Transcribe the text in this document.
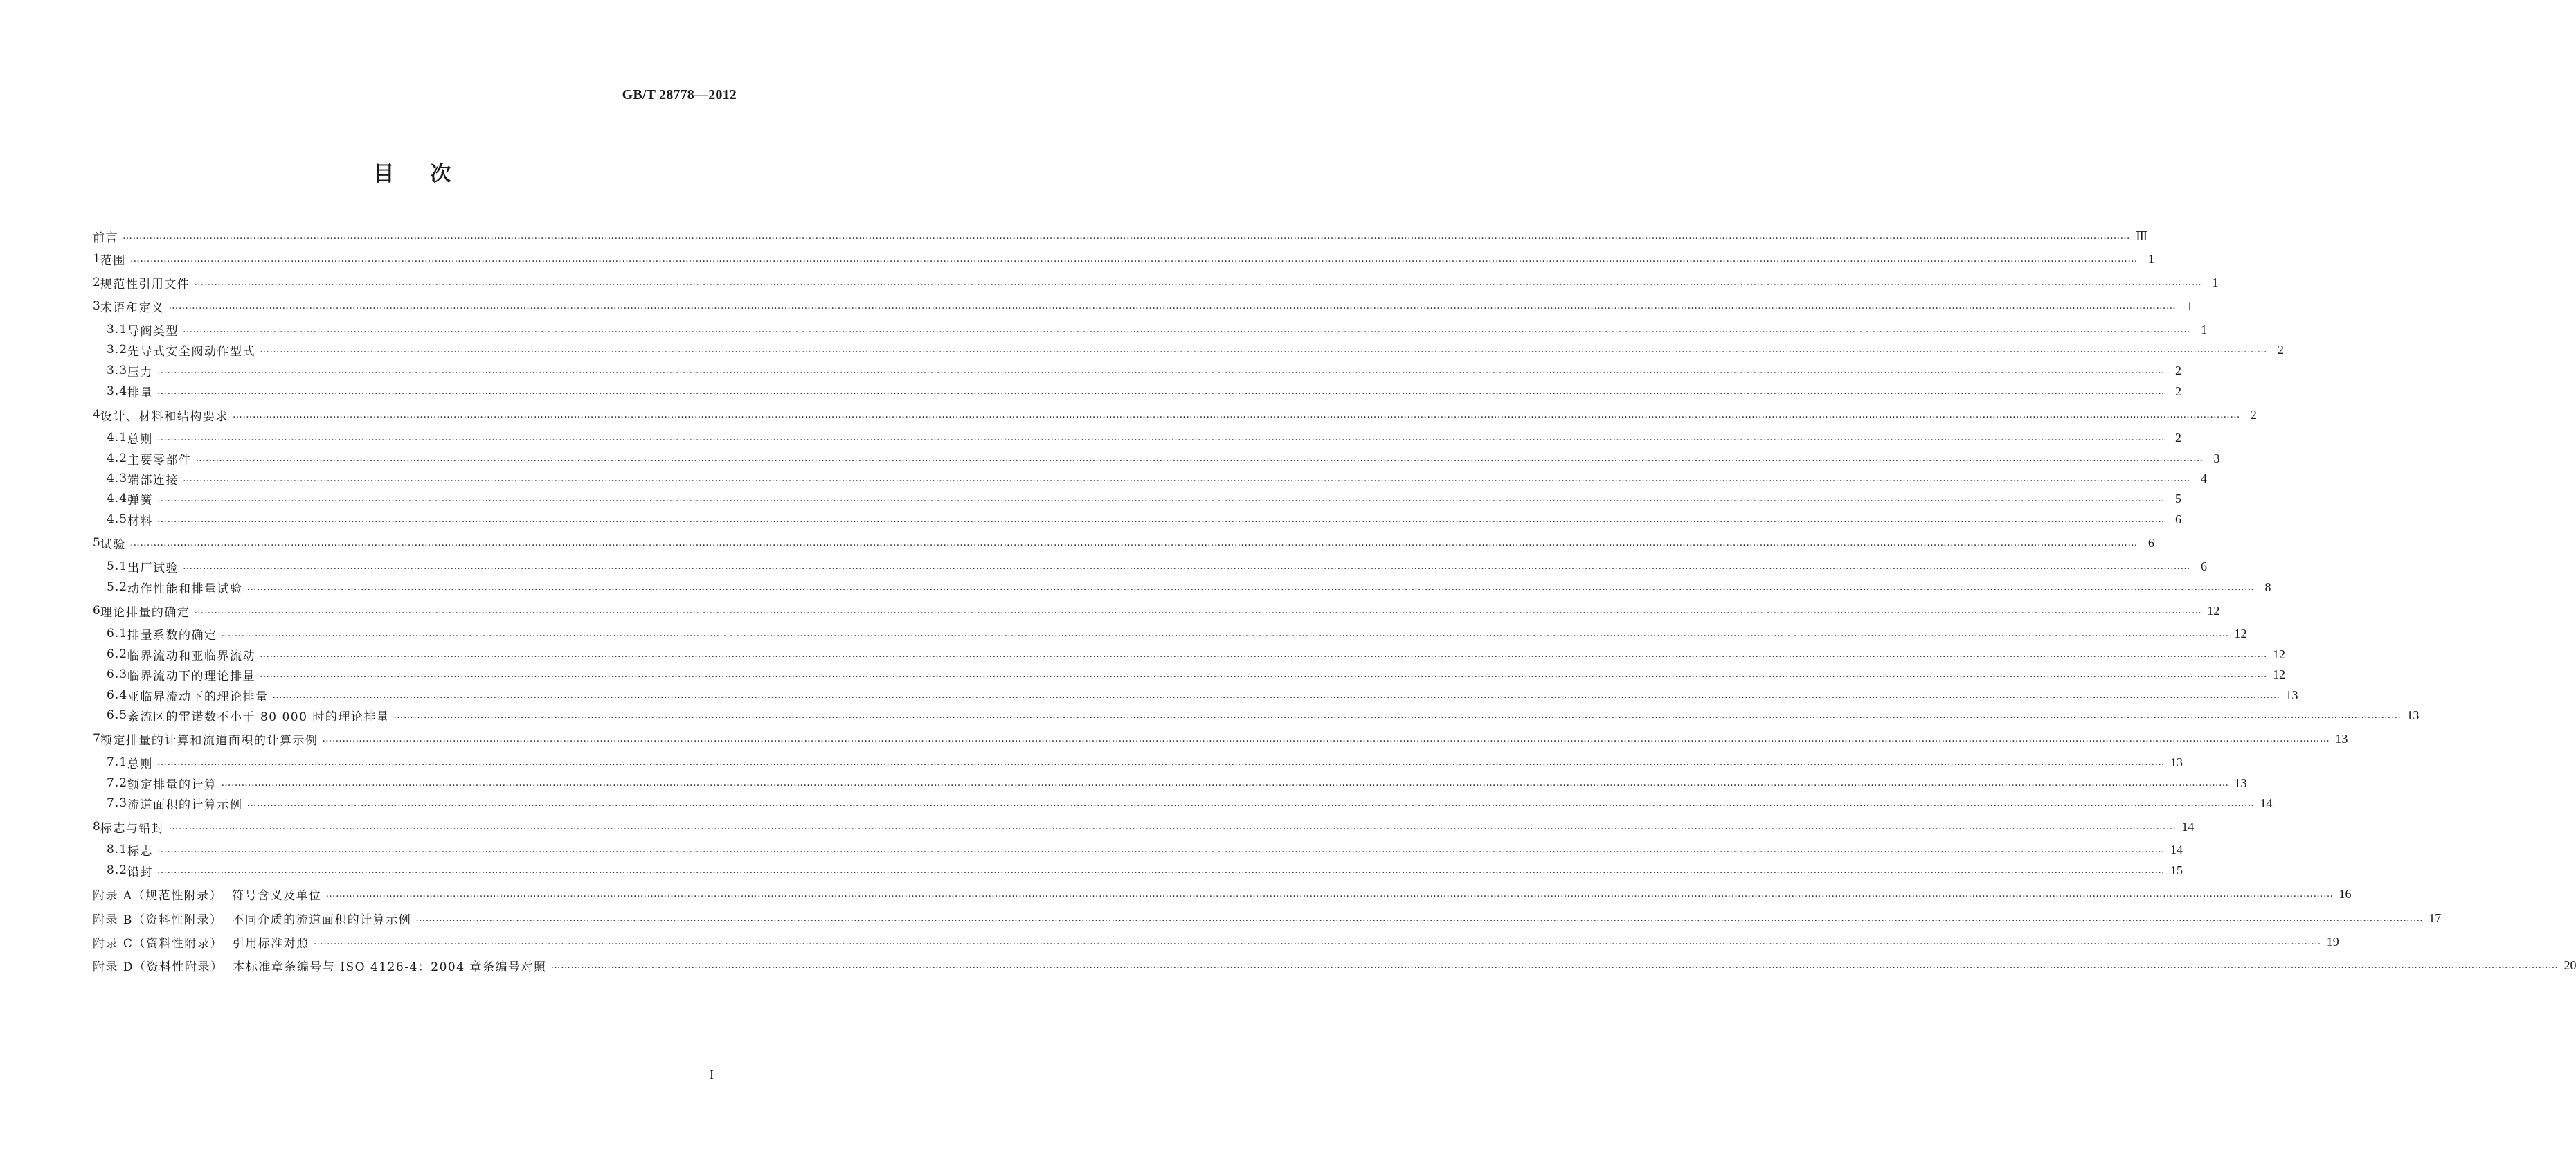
GB/T 28778—2012
目次
前言 …………………………………………………………………………………………………………………………………………………………………………………………………………………………………………………………………………………………………………………………………………………………………………………………………………………………………………………………………………………………………………………………………………………… Ⅲ
1 范围 …………………………………………………………………………………………………………………………………………………………………………………………………………………………………………………………………………………………………………………………………………………………………………………………………………………………………………………………………………………………………………………………………………………… 1
2 规范性引用文件 …………………………………………………………………………………………………………………………………………………………………………………………………………………………………………………………………………………………………………………………………………………………………………………………………………………………………………………………………………………………………………………………………………………… 1
3 术语和定义 …………………………………………………………………………………………………………………………………………………………………………………………………………………………………………………………………………………………………………………………………………………………………………………………………………………………………………………………………………………………………………………………………………………… 1
3.1 导阀类型 …………………………………………………………………………………………………………………………………………………………………………………………………………………………………………………………………………………………………………………………………………………………………………………………………………………………………………………………………………………………………………………………………………………… 1
3.2 先导式安全阀动作型式 …………………………………………………………………………………………………………………………………………………………………………………………………………………………………………………………………………………………………………………………………………………………………………………………………………………………………………………………………………………………………………………………………………………… 2
3.3 压力 …………………………………………………………………………………………………………………………………………………………………………………………………………………………………………………………………………………………………………………………………………………………………………………………………………………………………………………………………………………………………………………………………………………… 2
3.4 排量 …………………………………………………………………………………………………………………………………………………………………………………………………………………………………………………………………………………………………………………………………………………………………………………………………………………………………………………………………………………………………………………………………………………… 2
4 设计、材料和结构要求 …………………………………………………………………………………………………………………………………………………………………………………………………………………………………………………………………………………………………………………………………………………………………………………………………………………………………………………………………………………………………………………………………………………… 2
4.1 总则 …………………………………………………………………………………………………………………………………………………………………………………………………………………………………………………………………………………………………………………………………………………………………………………………………………………………………………………………………………………………………………………………………………………… 2
4.2 主要零部件 …………………………………………………………………………………………………………………………………………………………………………………………………………………………………………………………………………………………………………………………………………………………………………………………………………………………………………………………………………………………………………………………………………………… 3
4.3 端部连接 …………………………………………………………………………………………………………………………………………………………………………………………………………………………………………………………………………………………………………………………………………………………………………………………………………………………………………………………………………………………………………………………………………………… 4
4.4 弹簧 …………………………………………………………………………………………………………………………………………………………………………………………………………………………………………………………………………………………………………………………………………………………………………………………………………………………………………………………………………………………………………………………………………………… 5
4.5 材料 …………………………………………………………………………………………………………………………………………………………………………………………………………………………………………………………………………………………………………………………………………………………………………………………………………………………………………………………………………………………………………………………………………………… 6
5 试验 …………………………………………………………………………………………………………………………………………………………………………………………………………………………………………………………………………………………………………………………………………………………………………………………………………………………………………………………………………………………………………………………………………………… 6
5.1 出厂试验 …………………………………………………………………………………………………………………………………………………………………………………………………………………………………………………………………………………………………………………………………………………………………………………………………………………………………………………………………………………………………………………………………………………… 6
5.2 动作性能和排量试验 …………………………………………………………………………………………………………………………………………………………………………………………………………………………………………………………………………………………………………………………………………………………………………………………………………………………………………………………………………………………………………………………………………………… 8
6 理论排量的确定 …………………………………………………………………………………………………………………………………………………………………………………………………………………………………………………………………………………………………………………………………………………………………………………………………………………………………………………………………………………………………………………………………………………… 12
6.1 排量系数的确定 …………………………………………………………………………………………………………………………………………………………………………………………………………………………………………………………………………………………………………………………………………………………………………………………………………………………………………………………………………………………………………………………………………………… 12
6.2 临界流动和亚临界流动 …………………………………………………………………………………………………………………………………………………………………………………………………………………………………………………………………………………………………………………………………………………………………………………………………………………………………………………………………………………………………………………………………………………… 12
6.3 临界流动下的理论排量 …………………………………………………………………………………………………………………………………………………………………………………………………………………………………………………………………………………………………………………………………………………………………………………………………………………………………………………………………………………………………………………………………………………… 12
6.4 亚临界流动下的理论排量 …………………………………………………………………………………………………………………………………………………………………………………………………………………………………………………………………………………………………………………………………………………………………………………………………………………………………………………………………………………………………………………………………………………… 13
6.5 紊流区的雷诺数不小于 80 000 时的理论排量 …………………………………………………………………………………………………………………………………………………………………………………………………………………………………………………………………………………………………………………………………………………………………………………………………………………………………………………………………………………………………………………………………………………… 13
7 额定排量的计算和流道面积的计算示例 …………………………………………………………………………………………………………………………………………………………………………………………………………………………………………………………………………………………………………………………………………………………………………………………………………………………………………………………………………………………………………………………………………………… 13
7.1 总则 …………………………………………………………………………………………………………………………………………………………………………………………………………………………………………………………………………………………………………………………………………………………………………………………………………………………………………………………………………………………………………………………………………………… 13
7.2 额定排量的计算 …………………………………………………………………………………………………………………………………………………………………………………………………………………………………………………………………………………………………………………………………………………………………………………………………………………………………………………………………………………………………………………………………………………… 13
7.3 流道面积的计算示例 …………………………………………………………………………………………………………………………………………………………………………………………………………………………………………………………………………………………………………………………………………………………………………………………………………………………………………………………………………………………………………………………………………………… 14
8 标志与铅封 …………………………………………………………………………………………………………………………………………………………………………………………………………………………………………………………………………………………………………………………………………………………………………………………………………………………………………………………………………………………………………………………………………………… 14
8.1 标志 …………………………………………………………………………………………………………………………………………………………………………………………………………………………………………………………………………………………………………………………………………………………………………………………………………………………………………………………………………………………………………………………………………………… 14
8.2 铅封 …………………………………………………………………………………………………………………………………………………………………………………………………………………………………………………………………………………………………………………………………………………………………………………………………………………………………………………………………………………………………………………………………………………… 15
附录 A（规范性附录）  符号含义及单位 …………………………………………………………………………………………………………………………………………………………………………………………………………………………………………………………………………………………………………………………………………………………………………………………………………………………………………………………………………………………………………………………………………………… 16
附录 B（资料性附录）  不同介质的流道面积的计算示例 …………………………………………………………………………………………………………………………………………………………………………………………………………………………………………………………………………………………………………………………………………………………………………………………………………………………………………………………………………………………………………………………………………………… 17
附录 C（资料性附录）  引用标准对照 …………………………………………………………………………………………………………………………………………………………………………………………………………………………………………………………………………………………………………………………………………………………………………………………………………………………………………………………………………………………………………………………………………………… 19
附录 D（资料性附录）  本标准章条编号与 ISO 4126-4：2004 章条编号对照 …………………………………………………………………………………………………………………………………………………………………………………………………………………………………………………………………………………………………………………………………………………………………………………………………………………………………………………………………………………………………………………………………………………… 20
I
